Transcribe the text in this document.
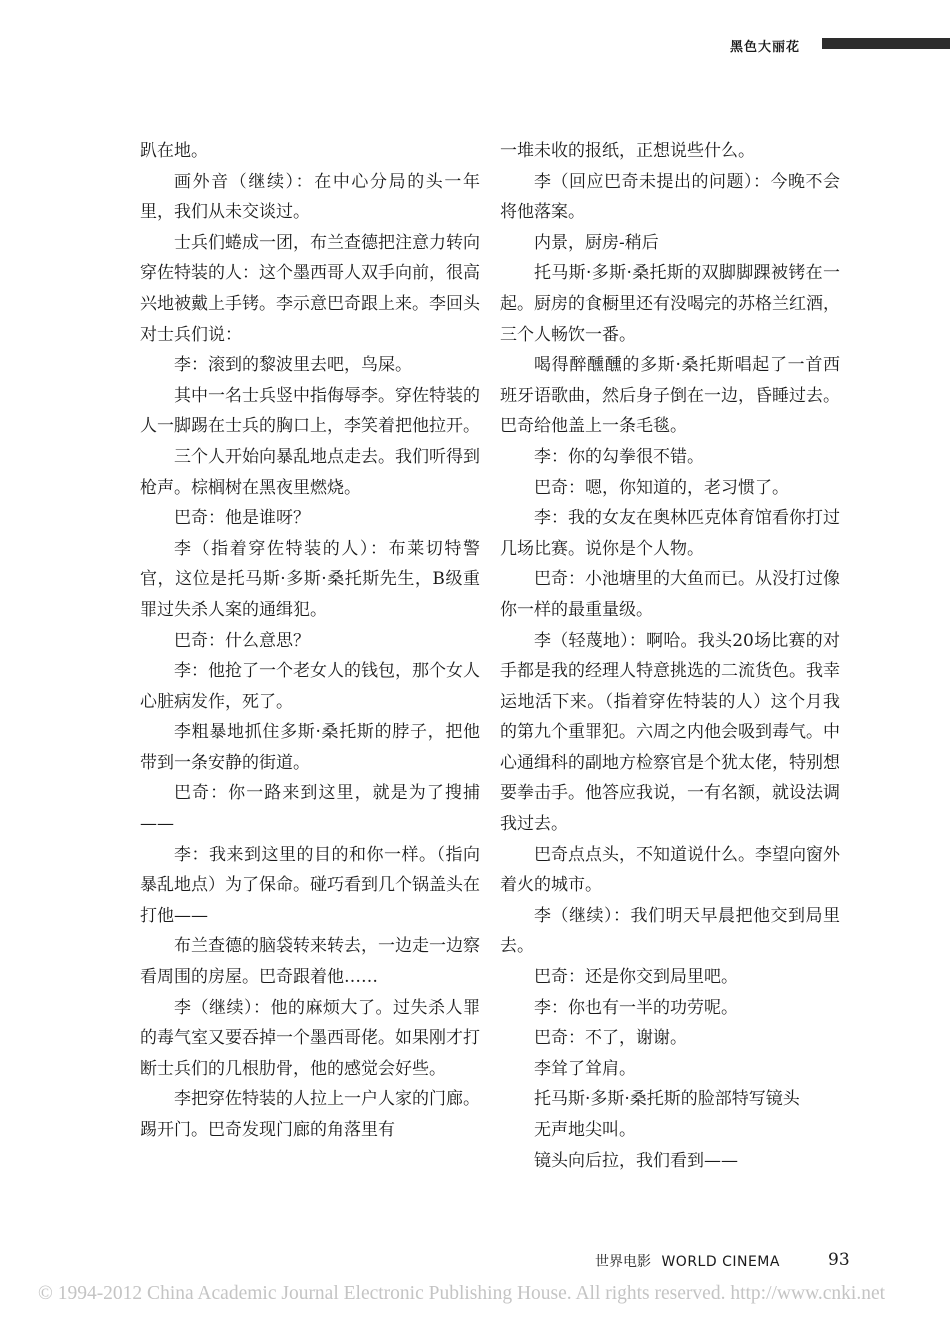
黑色大丽花

趴在地。

画外音（继续）：在中心分局的头一年里，我们从未交谈过。

士兵们蜷成一团，布兰查德把注意力转向穿佐特装的人：这个墨西哥人双手向前，很高兴地被戴上手铐。李示意巴奇跟上来。李回头对士兵们说：

李：滚到的黎波里去吧，鸟屎。

其中一名士兵竖中指侮辱李。穿佐特装的人一脚踢在士兵的胸口上，李笑着把他拉开。

三个人开始向暴乱地点走去。我们听得到枪声。棕榈树在黑夜里燃烧。

巴奇：他是谁呀？

李（指着穿佐特装的人）：布莱切特警官，这位是托马斯·多斯·桑托斯先生，B级重罪过失杀人案的通缉犯。

巴奇：什么意思？

李：他抢了一个老女人的钱包，那个女人心脏病发作，死了。

李粗暴地抓住多斯·桑托斯的脖子，把他带到一条安静的街道。

巴奇：你一路来到这里，就是为了搜捕——

李：我来到这里的目的和你一样。（指向暴乱地点）为了保命。碰巧看到几个锅盖头在打他——

布兰查德的脑袋转来转去，一边走一边察看周围的房屋。巴奇跟着他……

李（继续）：他的麻烦大了。过失杀人罪的毒气室又要吞掉一个墨西哥佬。如果刚才打断士兵们的几根肋骨，他的感觉会好些。

李把穿佐特装的人拉上一户人家的门廊。踢开门。巴奇发现门廊的角落里有

一堆未收的报纸，正想说些什么。

李（回应巴奇未提出的问题）：今晚不会将他落案。

内景，厨房-稍后

托马斯·多斯·桑托斯的双脚脚踝被铐在一起。厨房的食橱里还有没喝完的苏格兰红酒，三个人畅饮一番。

喝得醉醺醺的多斯·桑托斯唱起了一首西班牙语歌曲，然后身子倒在一边，昏睡过去。巴奇给他盖上一条毛毯。

李：你的勾拳很不错。

巴奇：嗯，你知道的，老习惯了。

李：我的女友在奥林匹克体育馆看你打过几场比赛。说你是个人物。

巴奇：小池塘里的大鱼而已。从没打过像你一样的最重量级。

李（轻蔑地）：啊哈。我头20场比赛的对手都是我的经理人特意挑选的二流货色。我幸运地活下来。（指着穿佐特装的人）这个月我的第九个重罪犯。六周之内他会吸到毒气。中心通缉科的副地方检察官是个犹太佬，特别想要拳击手。他答应我说，一有名额，就设法调我过去。

巴奇点点头，不知道说什么。李望向窗外着火的城市。

李（继续）：我们明天早晨把他交到局里去。

巴奇：还是你交到局里吧。

李：你也有一半的功劳呢。

巴奇：不了，谢谢。

李耸了耸肩。

托马斯·多斯·桑托斯的脸部特写镜头

无声地尖叫。

镜头向后拉，我们看到——

世界电影 WORLD CINEMA	93
© 1994-2012 China Academic Journal Electronic Publishing House. All rights reserved. http://www.cnki.net
